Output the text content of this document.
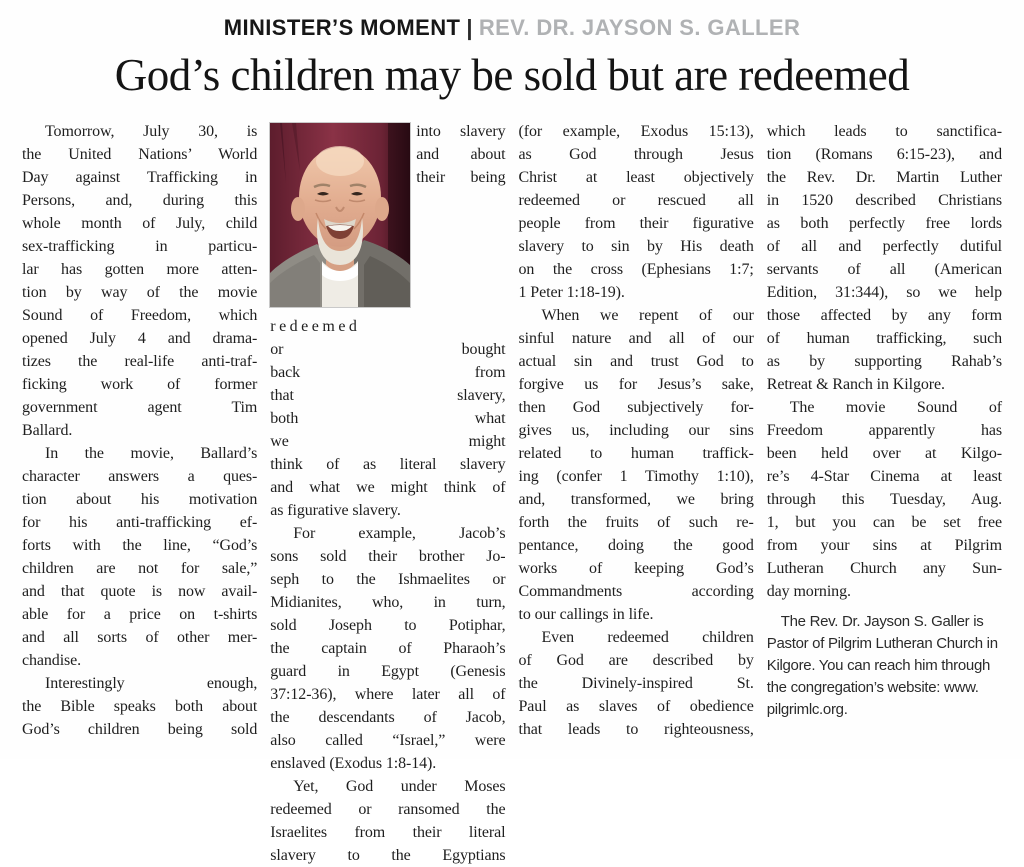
MINISTER’S MOMENT | REV. DR. JAYSON S. GALLER
God’s children may be sold but are redeemed
Tomorrow, July 30, is
the United Nations’ World
Day against Trafficking in
Persons, and, during this
whole month of July, child
sex-trafficking in particu-
lar has gotten more atten-
tion by way of the movie
Sound of Freedom, which
opened July 4 and drama-
tizes the real-life anti-traf-
ficking work of former
government agent Tim
Ballard.
In the movie, Ballard’s
character answers a ques-
tion about his motivation
for his anti-trafficking ef-
forts with the line, “God’s
children are not for sale,”
and that quote is now avail-
able for a price on t-shirts
and all sorts of other mer-
chandise.
Interestingly enough,
the Bible speaks both about
God’s children being sold
into slavery
and about
their being
redeemed
or bought
back from
that slavery,
both what
we might
think of as literal slavery
and what we might think of
as figurative slavery.
For example, Jacob’s
sons sold their brother Jo-
seph to the Ishmaelites or
Midianites, who, in turn,
sold Joseph to Potiphar,
the captain of Pharaoh’s
guard in Egypt (Genesis
37:12-36), where later all of
the descendants of Jacob,
also called “Israel,” were
enslaved (Exodus 1:8-14).
Yet, God under Moses
redeemed or ransomed the
Israelites from their literal
slavery to the Egyptians
(for example, Exodus 15:13),
as God through Jesus
Christ at least objectively
redeemed or rescued all
people from their figurative
slavery to sin by His death
on the cross (Ephesians 1:7;
1 Peter 1:18-19).
When we repent of our
sinful nature and all of our
actual sin and trust God to
forgive us for Jesus’s sake,
then God subjectively for-
gives us, including our sins
related to human traffick-
ing (confer 1 Timothy 1:10),
and, transformed, we bring
forth the fruits of such re-
pentance, doing the good
works of keeping God’s
Commandments according
to our callings in life.
Even redeemed children
of God are described by
the Divinely-inspired St.
Paul as slaves of obedience
that leads to righteousness,
which leads to sanctifica-
tion (Romans 6:15-23), and
the Rev. Dr. Martin Luther
in 1520 described Christians
as both perfectly free lords
of all and perfectly dutiful
servants of all (American
Edition, 31:344), so we help
those affected by any form
of human trafficking, such
as by supporting Rahab’s
Retreat & Ranch in Kilgore.
The movie Sound of
Freedom apparently has
been held over at Kilgo-
re’s 4-Star Cinema at least
through this Tuesday, Aug.
1, but you can be set free
from your sins at Pilgrim
Lutheran Church any Sun-
day morning.
The Rev. Dr. Jayson S. Galler is
Pastor of Pilgrim Lutheran Church in
Kilgore. You can reach him through
the congregation’s website: www.
pilgrimlc.org.
